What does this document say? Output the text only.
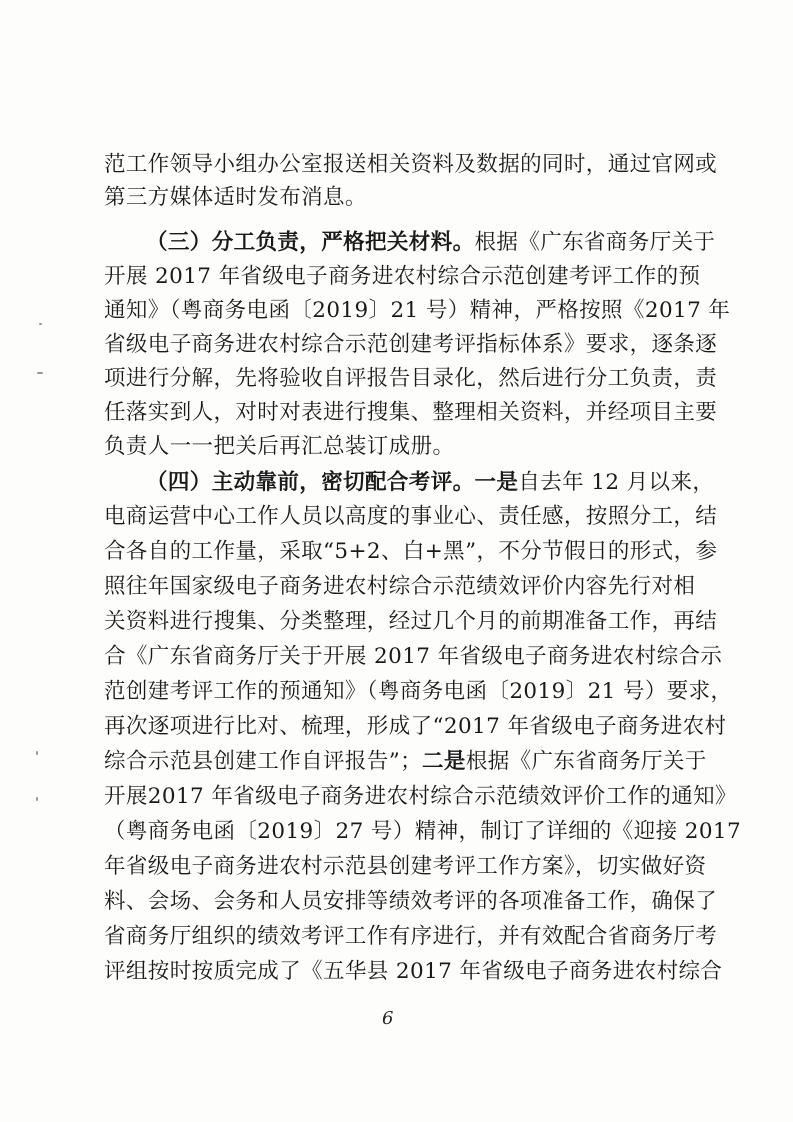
范工作领导小组办公室报送相关资料及数据的同时，通过官网或
第三方媒体适时发布消息。
（三）分工负责，严格把关材料。根据《广东省商务厅关于
开展 2017 年省级电子商务进农村综合示范创建考评工作的预
通知》（粤商务电函〔2019〕21 号）精神，严格按照《2017 年
省级电子商务进农村综合示范创建考评指标体系》要求，逐条逐
项进行分解，先将验收自评报告目录化，然后进行分工负责，责
任落实到人，对时对表进行搜集、整理相关资料，并经项目主要
负责人一一把关后再汇总装订成册。
（四）主动靠前，密切配合考评。一是自去年 12 月以来，
电商运营中心工作人员以高度的事业心、责任感，按照分工，结
合各自的工作量，采取“5+2、白+黑”，不分节假日的形式，参
照往年国家级电子商务进农村综合示范绩效评价内容先行对相
关资料进行搜集、分类整理，经过几个月的前期准备工作，再结
合《广东省商务厅关于开展 2017 年省级电子商务进农村综合示
范创建考评工作的预通知》（粤商务电函〔2019〕21 号）要求，
再次逐项进行比对、梳理，形成了“2017 年省级电子商务进农村
综合示范县创建工作自评报告”；二是根据《广东省商务厅关于
开展2017 年省级电子商务进农村综合示范绩效评价工作的通知》
（粤商务电函〔2019〕27 号）精神，制订了详细的《迎接 2017
年省级电子商务进农村示范县创建考评工作方案》，切实做好资
料、会场、会务和人员安排等绩效考评的各项准备工作，确保了
省商务厅组织的绩效考评工作有序进行，并有效配合省商务厅考
评组按时按质完成了《五华县 2017 年省级电子商务进农村综合
6
